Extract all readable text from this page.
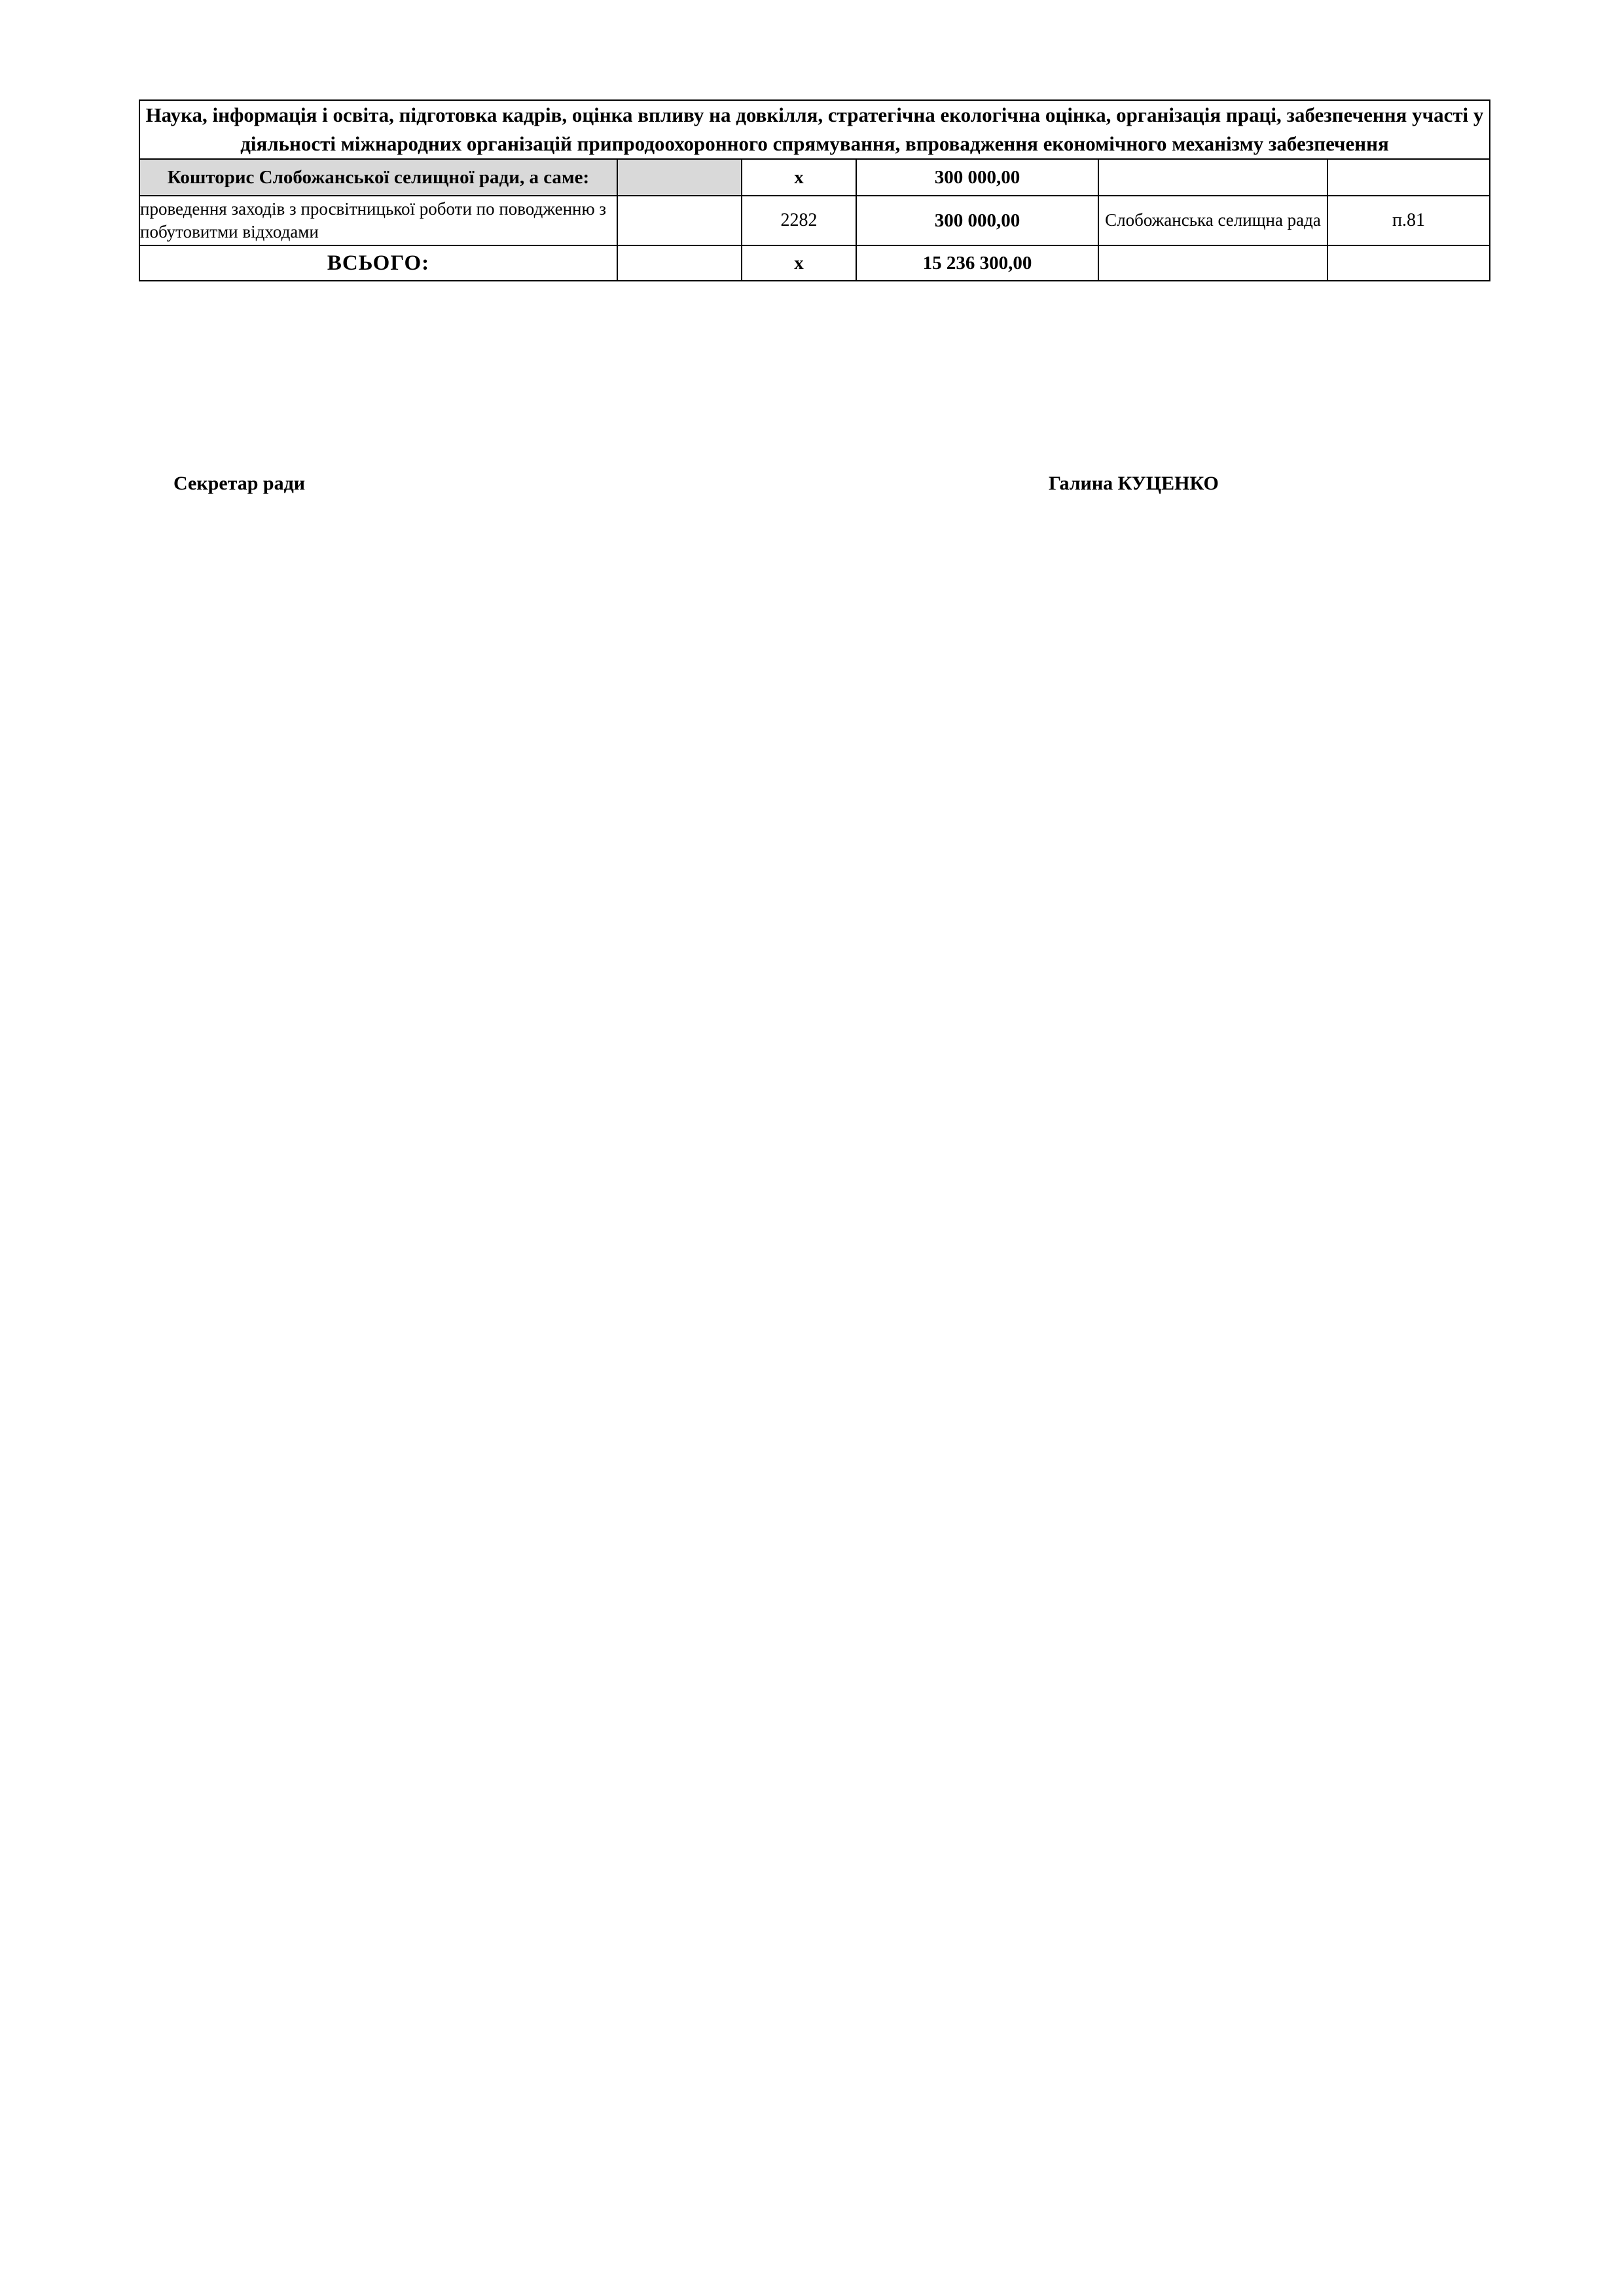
Наука, інформація і освіта, підготовка кадрів, оцінка впливу на довкілля, стратегічна екологічна оцінка, організація праці, забезпечення участі у діяльності міжнародних організацій припродоохоронного спрямування, впровадження економічного механізму забезпечення					
Кошторис Слобожанської селищної ради, а саме:		х	300 000,00		
проведення заходів з просвітницької роботи по поводженню з побутовитми відходами		2282	300 000,00	Слобожанська селищна рада	п.81
ВСЬОГО:		х	15 236 300,00		
Секретар ради	Галина КУЦЕНКО
